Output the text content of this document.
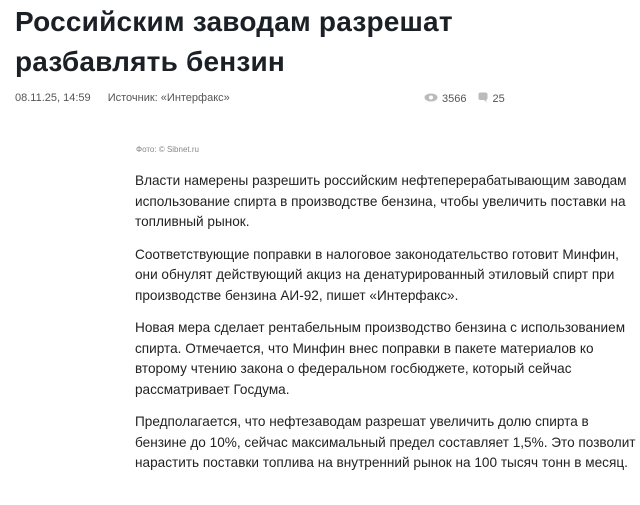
Российским заводам разрешат
разбавлять бензин
08.11.25, 14:59 Источник: «Интерфакс»	3566 25
Фото: © Sibnet.ru

Власти намерены разрешить российским нефтеперерабатывающим заводам
использование спирта в производстве бензина, чтобы увеличить поставки на
топливный рынок.

Соответствующие поправки в налоговое законодательство готовит Минфин,
они обнулят действующий акциз на денатурированный этиловый спирт при
производстве бензина АИ-92, пишет «Интерфакс».

Новая мера сделает рентабельным производство бензина с использованием
спирта. Отмечается, что Минфин внес поправки в пакете материалов ко
второму чтению закона о федеральном госбюджете, который сейчас
рассматривает Госдума.

Предполагается, что нефтезаводам разрешат увеличить долю спирта в
бензине до 10%, сейчас максимальный предел составляет 1,5%. Это позволит
нарастить поставки топлива на внутренний рынок на 100 тысяч тонн в месяц.
